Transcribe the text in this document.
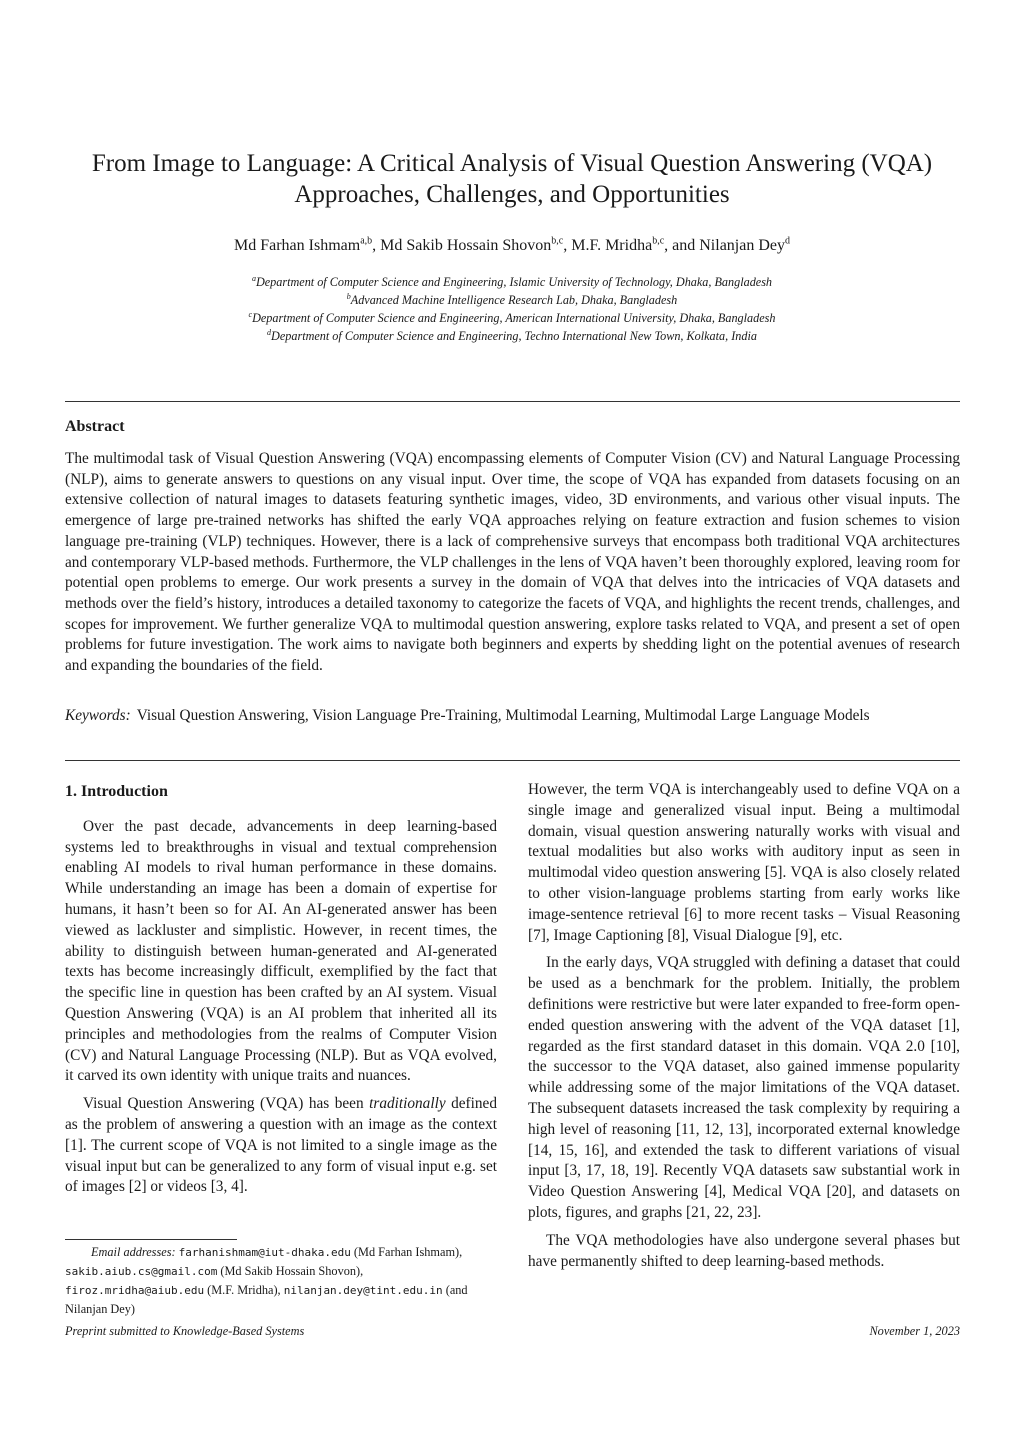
From Image to Language: A Critical Analysis of Visual Question Answering (VQA)
Approaches, Challenges, and Opportunities
Md Farhan Ishmam$^{a,b}$, Md Sakib Hossain Shovon$^{b,c}$, M.F. Mridha$^{b,c}$, and Nilanjan Dey$^d$
$^a$Department of Computer Science and Engineering, Islamic University of Technology, Dhaka, Bangladesh
$^b$Advanced Machine Intelligence Research Lab, Dhaka, Bangladesh
$^c$Department of Computer Science and Engineering, American International University, Dhaka, Bangladesh
$^d$Department of Computer Science and Engineering, Techno International New Town, Kolkata, India
Abstract
The multimodal task of Visual Question Answering (VQA) encompassing elements of Computer Vision (CV) and Natural Language Processing (NLP), aims to generate answers to questions on any visual input. Over time, the scope of VQA has expanded from datasets focusing on an extensive collection of natural images to datasets featuring synthetic images, video, 3D environments, and various other visual inputs. The emergence of large pre-trained networks has shifted the early VQA approaches relying on feature extraction and fusion schemes to vision language pre-training (VLP) techniques. However, there is a lack of comprehensive surveys that encompass both traditional VQA architectures and contemporary VLP-based methods. Furthermore, the VLP challenges in the lens of VQA haven’t been thoroughly explored, leaving room for potential open problems to emerge. Our work presents a survey in the domain of VQA that delves into the intricacies of VQA datasets and methods over the field’s history, introduces a detailed taxonomy to categorize the facets of VQA, and highlights the recent trends, challenges, and scopes for improvement. We further generalize VQA to multimodal question answering, explore tasks related to VQA, and present a set of open problems for future investigation. The work aims to navigate both beginners and experts by shedding light on the potential avenues of research and expanding the boundaries of the field.
Keywords: Visual Question Answering, Vision Language Pre-Training, Multimodal Learning, Multimodal Large Language Models
1. Introduction

Over the past decade, advancements in deep learning-based systems led to breakthroughs in visual and textual comprehension enabling AI models to rival human performance in these domains. While understanding an image has been a domain of expertise for humans, it hasn’t been so for AI. An AI-generated answer has been viewed as lackluster and simplistic. However, in recent times, the ability to distinguish between human-generated and AI-generated texts has become increasingly difficult, exemplified by the fact that the specific line in question has been crafted by an AI system. Visual Question Answering (VQA) is an AI problem that inherited all its principles and methodologies from the realms of Computer Vision (CV) and Natural Language Processing (NLP). But as VQA evolved, it carved its own identity with unique traits and nuances.

Visual Question Answering (VQA) has been traditionally defined as the problem of answering a question with an image as the context [1]. The current scope of VQA is not limited to a single image as the visual input but can be generalized to any form of visual input e.g. set of images [2] or videos [3, 4].

However, the term VQA is interchangeably used to define VQA on a single image and generalized visual input. Being a multimodal domain, visual question answering naturally works with visual and textual modalities but also works with auditory input as seen in multimodal video question answering [5]. VQA is also closely related to other vision-language problems starting from early works like image-sentence retrieval [6] to more recent tasks – Visual Reasoning [7], Image Captioning [8], Visual Dialogue [9], etc.

In the early days, VQA struggled with defining a dataset that could be used as a benchmark for the problem. Initially, the problem definitions were restrictive but were later expanded to free-form open-ended question answering with the advent of the VQA dataset [1], regarded as the first standard dataset in this domain. VQA 2.0 [10], the successor to the VQA dataset, also gained immense popularity while addressing some of the major limitations of the VQA dataset. The subsequent datasets increased the task complexity by requiring a high level of reasoning [11, 12, 13], incorporated external knowledge [14, 15, 16], and extended the task to different variations of visual input [3, 17, 18, 19]. Recently VQA datasets saw substantial work in Video Question Answering [4], Medical VQA [20], and datasets on plots, figures, and graphs [21, 22, 23].

The VQA methodologies have also undergone several phases but have permanently shifted to deep learning-based methods.

Email addresses: farhanishmam@iut-dhaka.edu (Md Farhan Ishmam), sakib.aiub.cs@gmail.com (Md Sakib Hossain Shovon), firoz.mridha@aiub.edu (M.F. Mridha), nilanjan.dey@tint.edu.in (and Nilanjan Dey)
Preprint submitted to Knowledge-Based Systems	November 1, 2023
